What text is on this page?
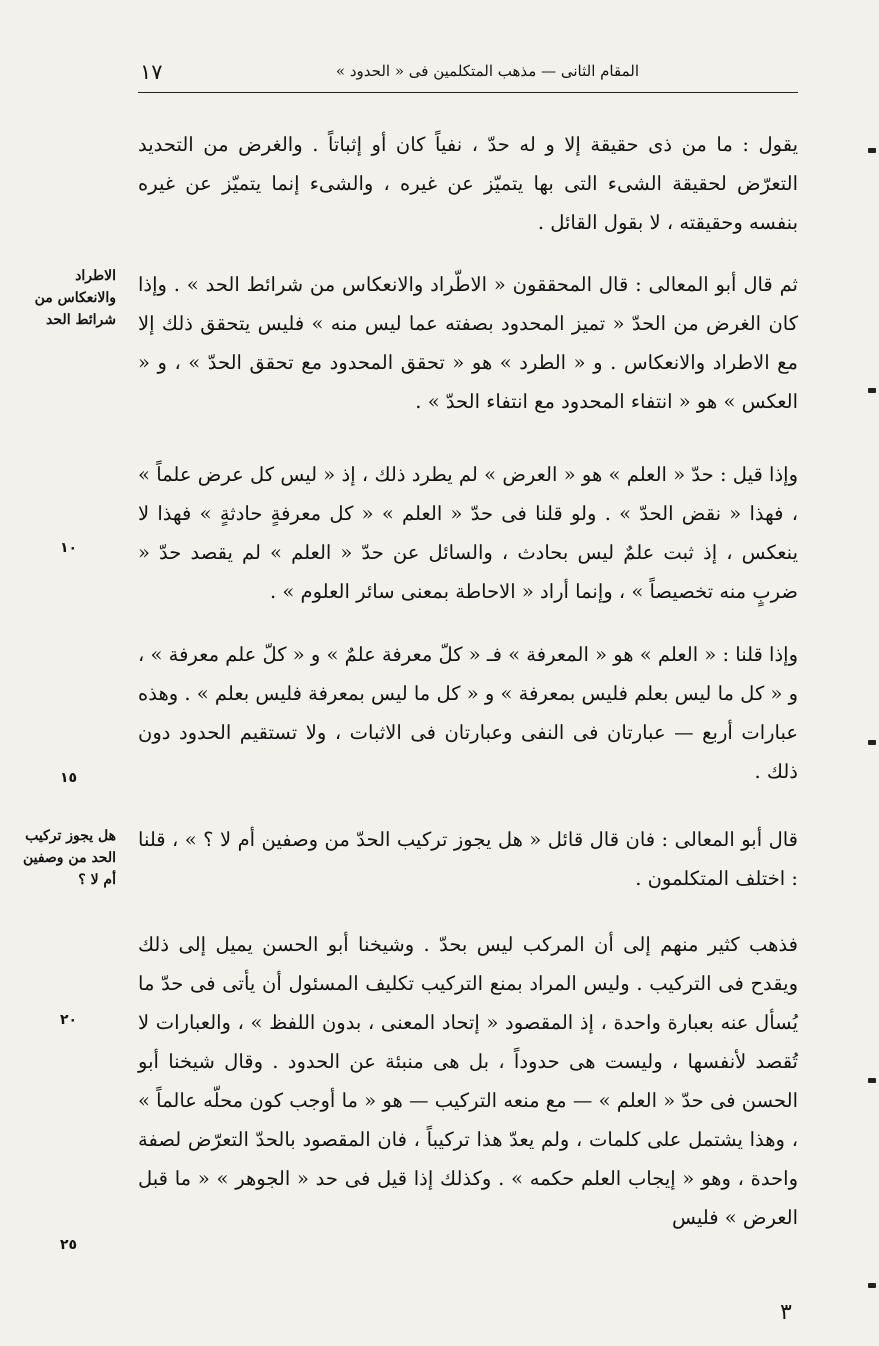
المقام الثانى — مذهب المتكلمين فى « الحدود »
١٧

يقول : ما من ذى حقيقة إلا و له حدّ ، نفياً كان أو إثباتاً . والغرض من التحديد التعرّض لحقيقة الشىء التى بها يتميّز عن غيره ، والشىء إنما يتميّز عن غيره بنفسه وحقيقته ، لا بقول القائل .

ثم قال أبو المعالى : قال المحققون « الاطّراد والانعكاس من شرائط الحد » . وإذا كان الغرض من الحدّ « تميز المحدود بصفته عما ليس منه » فليس يتحقق ذلك إلا مع الاطراد والانعكاس . و « الطرد » هو « تحقق المحدود مع تحقق الحدّ » ، و « العكس » هو « انتفاء المحدود مع انتفاء الحدّ » .

وإذا قيل : حدّ « العلم » هو « العرض » لم يطرد ذلك ، إذ « ليس كل عرض علماً » ، فهذا « نقض الحدّ » . ولو قلنا فى حدّ « العلم » « كل معرفةٍ حادثةٍ » فهذا لا ينعكس ، إذ ثبت علمٌ ليس بحادث ، والسائل عن حدّ « العلم » لم يقصد حدّ « ضربٍ منه تخصيصاً » ، وإنما أراد « الاحاطة بمعنى سائر العلوم » .

وإذا قلنا : « العلم » هو « المعرفة » فـ « كلّ معرفة علمٌ » و « كلّ علم معرفة » ، و « كل ما ليس بعلم فليس بمعرفة » و « كل ما ليس بمعرفة فليس بعلم » . وهذه عبارات أربع — عبارتان فى النفى وعبارتان فى الاثبات ، ولا تستقيم الحدود دون ذلك .

قال أبو المعالى : فان قال قائل « هل يجوز تركيب الحدّ من وصفين أم لا ؟ » ، قلنا : اختلف المتكلمون .

فذهب كثير منهم إلى أن المركب ليس بحدّ . وشيخنا أبو الحسن يميل إلى ذلك ويقدح فى التركيب . وليس المراد بمنع التركيب تكليف المسئول أن يأتى فى حدّ ما يُسأل عنه بعبارة واحدة ، إذ المقصود « إتحاد المعنى ، بدون اللفظ » ، والعبارات لا تُقصد لأنفسها ، وليست هى حدوداً ، بل هى منبئة عن الحدود . وقال شيخنا أبو الحسن فى حدّ « العلم » — مع منعه التركيب — هو « ما أوجب كون محلّه عالماً » ، وهذا يشتمل على كلمات ، ولم يعدّ هذا تركيباً ، فان المقصود بالحدّ التعرّض لصفة واحدة ، وهو « إيجاب العلم حكمه » . وكذلك إذا قيل فى حد « الجوهر » « ما قبل العرض » فليس

الاطراد والانعكاس من شرائط الحد
هل يجوز تركيب الحد من وصفين أم لا ؟
١٠
١٥
٢٠
٢٥
٣
